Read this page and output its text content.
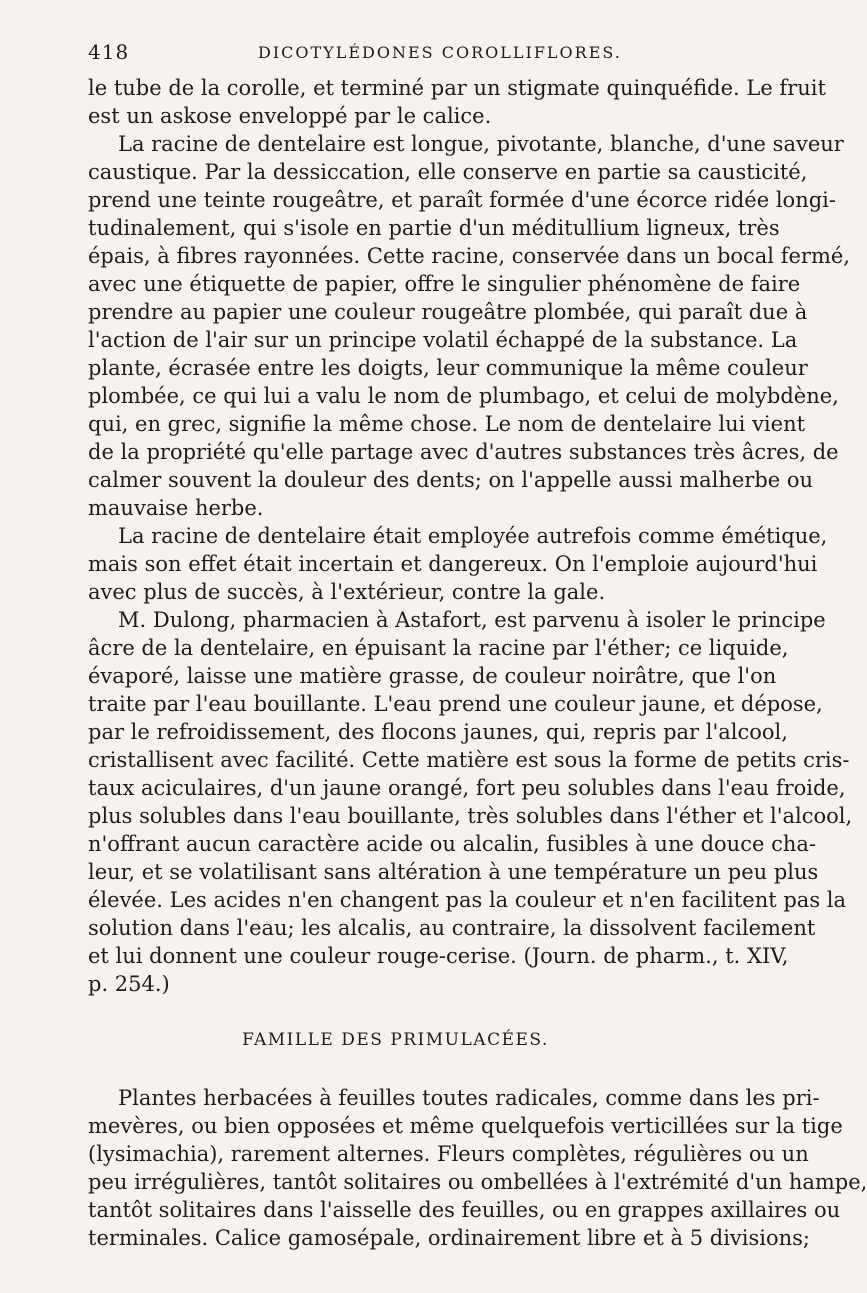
418	DICOTYLÉDONES COROLLIFLORES.
le tube de la corolle, et terminé par un stigmate quinquéfide. Le fruit
est un askose enveloppé par le calice.
La racine de dentelaire est longue, pivotante, blanche, d'une saveur
caustique. Par la dessiccation, elle conserve en partie sa causticité,
prend une teinte rougeâtre, et paraît formée d'une écorce ridée longi-
tudinalement, qui s'isole en partie d'un méditullium ligneux, très
épais, à fibres rayonnées. Cette racine, conservée dans un bocal fermé,
avec une étiquette de papier, offre le singulier phénomène de faire
prendre au papier une couleur rougeâtre plombée, qui paraît due à
l'action de l'air sur un principe volatil échappé de la substance. La
plante, écrasée entre les doigts, leur communique la même couleur
plombée, ce qui lui a valu le nom de plumbago, et celui de molybdène,
qui, en grec, signifie la même chose. Le nom de dentelaire lui vient
de la propriété qu'elle partage avec d'autres substances très âcres, de
calmer souvent la douleur des dents; on l'appelle aussi malherbe ou
mauvaise herbe.
La racine de dentelaire était employée autrefois comme émétique,
mais son effet était incertain et dangereux. On l'emploie aujourd'hui
avec plus de succès, à l'extérieur, contre la gale.
M. Dulong, pharmacien à Astafort, est parvenu à isoler le principe
âcre de la dentelaire, en épuisant la racine par l'éther; ce liquide,
évaporé, laisse une matière grasse, de couleur noirâtre, que l'on
traite par l'eau bouillante. L'eau prend une couleur jaune, et dépose,
par le refroidissement, des flocons jaunes, qui, repris par l'alcool,
cristallisent avec facilité. Cette matière est sous la forme de petits cris-
taux aciculaires, d'un jaune orangé, fort peu solubles dans l'eau froide,
plus solubles dans l'eau bouillante, très solubles dans l'éther et l'alcool,
n'offrant aucun caractère acide ou alcalin, fusibles à une douce cha-
leur, et se volatilisant sans altération à une température un peu plus
élevée. Les acides n'en changent pas la couleur et n'en facilitent pas la
solution dans l'eau; les alcalis, au contraire, la dissolvent facilement
et lui donnent une couleur rouge-cerise. (Journ. de pharm., t. XIV,
p. 254.)
FAMILLE DES PRIMULACÉES.
Plantes herbacées à feuilles toutes radicales, comme dans les pri-
mevères, ou bien opposées et même quelquefois verticillées sur la tige
(lysimachia), rarement alternes. Fleurs complètes, régulières ou un
peu irrégulières, tantôt solitaires ou ombellées à l'extrémité d'un hampe,
tantôt solitaires dans l'aisselle des feuilles, ou en grappes axillaires ou
terminales. Calice gamosépale, ordinairement libre et à 5 divisions;
